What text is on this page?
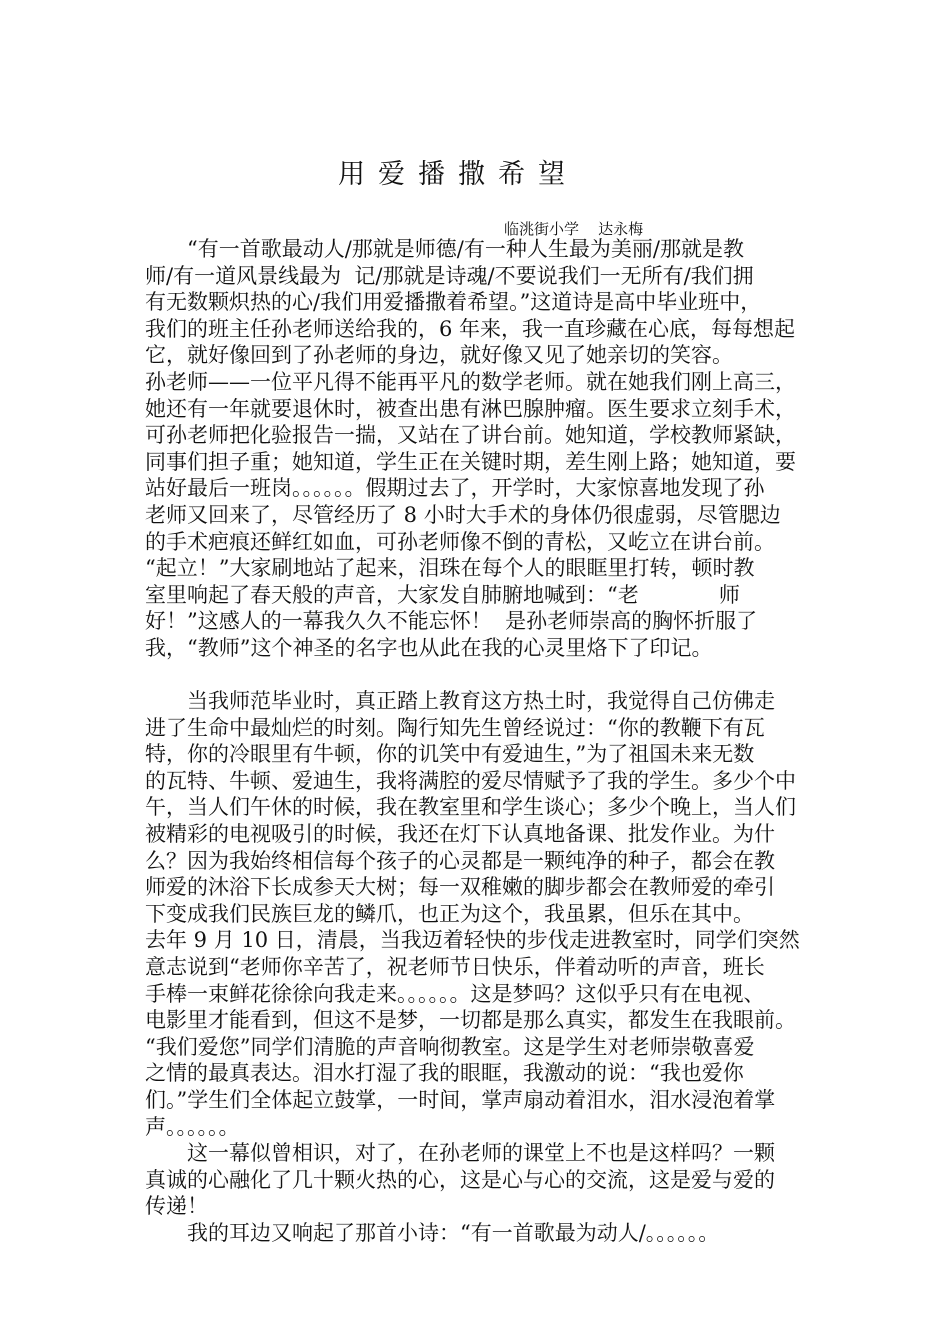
用爱播撒希望
临洮街小学    达永梅
“有一首歌最动人/那就是师德/有一种人生最为美丽/那就是教
师/有一道风景线最为  记/那就是诗魂/不要说我们一无所有/我们拥
有无数颗炽热的心/我们用爱播撒着希望。”这道诗是高中毕业班中，
我们的班主任孙老师送给我的，6 年来，我一直珍藏在心底，每每想起
它，就好像回到了孙老师的身边，就好像又见了她亲切的笑容。
孙老师——一位平凡得不能再平凡的数学老师。就在她我们刚上高三，
她还有一年就要退休时，被查出患有淋巴腺肿瘤。医生要求立刻手术，
可孙老师把化验报告一揣，又站在了讲台前。她知道，学校教师紧缺，
同事们担子重；她知道，学生正在关键时期，差生刚上路；她知道，要
站好最后一班岗。。。。。。假期过去了，开学时，大家惊喜地发现了孙
老师又回来了，尽管经历了 8 小时大手术的身体仍很虚弱，尽管腮边
的手术疤痕还鲜红如血，可孙老师像不倒的青松，又屹立在讲台前。
“起立！”大家刷地站了起来，泪珠在每个人的眼眶里打转，顿时教
室里响起了春天般的声音，大家发自肺腑地喊到：“老            师
好！”这感人的一幕我久久不能忘怀！  是孙老师崇高的胸怀折服了
我，“教师”这个神圣的名字也从此在我的心灵里烙下了印记。
当我师范毕业时，真正踏上教育这方热土时，我觉得自己仿佛走
进了生命中最灿烂的时刻。陶行知先生曾经说过：“你的教鞭下有瓦
特，你的冷眼里有牛顿，你的讥笑中有爱迪生，”为了祖国未来无数
的瓦特、牛顿、爱迪生，我将满腔的爱尽情赋予了我的学生。多少个中
午，当人们午休的时候，我在教室里和学生谈心；多少个晚上，当人们
被精彩的电视吸引的时候，我还在灯下认真地备课、批发作业。为什
么？因为我始终相信每个孩子的心灵都是一颗纯净的种子，都会在教
师爱的沐浴下长成参天大树；每一双稚嫩的脚步都会在教师爱的牵引
下变成我们民族巨龙的鳞爪，也正为这个，我虽累，但乐在其中。
去年 9 月 10 日，清晨，当我迈着轻快的步伐走进教室时，同学们突然
意志说到“老师你辛苦了，祝老师节日快乐，伴着动听的声音，班长
手棒一束鲜花徐徐向我走来。。。。。。这是梦吗？这似乎只有在电视、
电影里才能看到，但这不是梦，一切都是那么真实，都发生在我眼前。
“我们爱您”同学们清脆的声音响彻教室。这是学生对老师崇敬喜爱
之情的最真表达。泪水打湿了我的眼眶，我激动的说：“我也爱你
们。”学生们全体起立鼓掌，一时间，掌声扇动着泪水，泪水浸泡着掌
声。。。。。。
这一幕似曾相识，对了，在孙老师的课堂上不也是这样吗？一颗
真诚的心融化了几十颗火热的心，这是心与心的交流，这是爱与爱的
传递！
我的耳边又响起了那首小诗：“有一首歌最为动人/。。。。。。
